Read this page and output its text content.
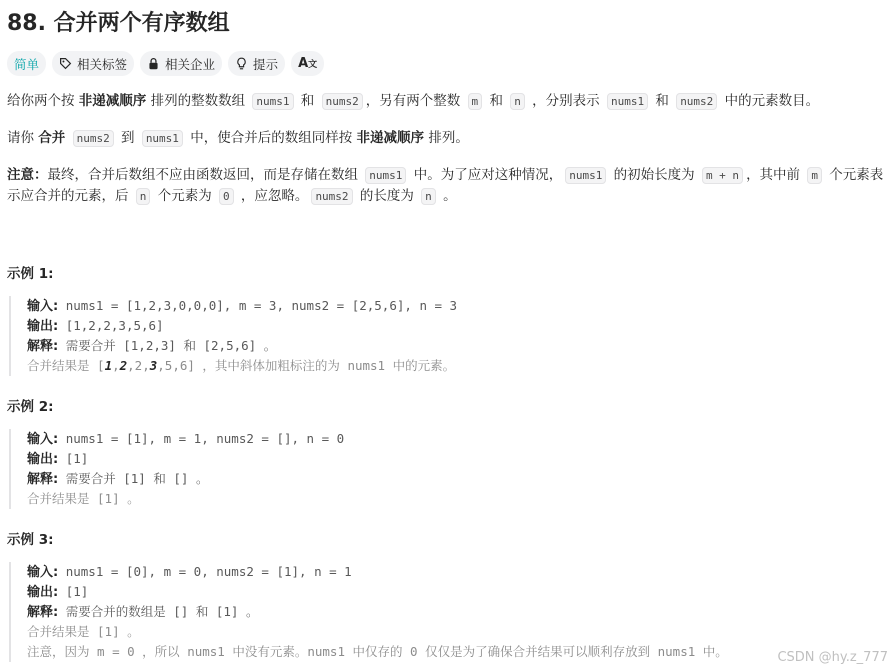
88. 合并两个有序数组
简单	相关标签	相关企业	提示 A文
给你两个按 非递减顺序 排列的整数数组 nums1 和 nums2 ，另有两个整数 m 和 n ，分别表示 nums1 和 nums2 中的元素数目。
请你 合并 nums2 到 nums1 中，使合并后的数组同样按 非递减顺序 排列。
注意：最终，合并后数组不应由函数返回，而是存储在数组 nums1 中。为了应对这种情况， nums1 的初始长度为 m + n ，其中前 m 个元素表
示应合并的元素，后 n 个元素为 0 ，应忽略。 nums2 的长度为 n 。
示例 1:
输入: nums1 = [1,2,3,0,0,0], m = 3, nums2 = [2,5,6], n = 3
输出: [1,2,2,3,5,6]
解释: 需要合并 [1,2,3] 和 [2,5,6] 。
合并结果是 [1,2,2,3,5,6] ，其中斜体加粗标注的为 nums1 中的元素。
示例 2:
输入: nums1 = [1], m = 1, nums2 = [], n = 0
输出: [1]
解释: 需要合并 [1] 和 [] 。
合并结果是 [1] 。
示例 3:
输入: nums1 = [0], m = 0, nums2 = [1], n = 1
输出: [1]
解释: 需要合并的数组是 [] 和 [1] 。
合并结果是 [1] 。
注意，因为 m = 0 ，所以 nums1 中没有元素。nums1 中仅存的 0 仅仅是为了确保合并结果可以顺利存放到 nums1 中。	CSDN @hy.z_777
